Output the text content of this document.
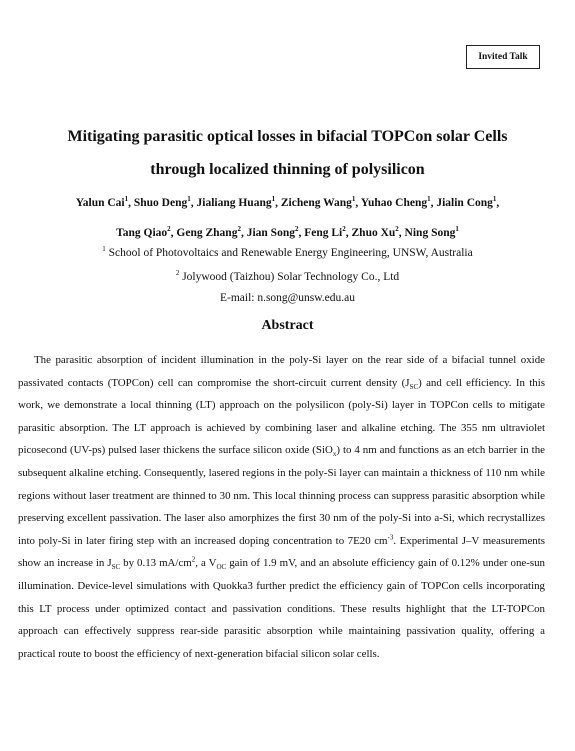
Invited Talk
Mitigating parasitic optical losses in bifacial TOPCon solar Cells
through localized thinning of polysilicon
Yalun Cai$^1$, Shuo Deng$^1$, Jialiang Huang$^1$, Zicheng Wang$^1$, Yuhao Cheng$^1$, Jialin Cong$^1$,
Tang Qiao$^2$, Geng Zhang$^2$, Jian Song$^2$, Feng Li$^2$, Zhuo Xu$^2$, Ning Song$^1$
$^1$ School of Photovoltaics and Renewable Energy Engineering, UNSW, Australia
$^2$ Jolywood (Taizhou) Solar Technology Co., Ltd
E-mail: n.song@unsw.edu.au
Abstract

The parasitic absorption of incident illumination in the poly-Si layer on the rear side of a bifacial tunnel oxide passivated contacts (TOPCon) cell can compromise the short-circuit current density $(J_{SC})$ and cell efficiency. In this work, we demonstrate a local thinning (LT) approach on the polysilicon (poly-Si) layer in TOPCon cells to mitigate parasitic absorption. The LT approach is achieved by combining laser and alkaline etching. The 355 nm ultraviolet picosecond (UV-ps) pulsed laser thickens the surface silicon oxide (SiO$_x$) to 4 nm and functions as an etch barrier in the subsequent alkaline etching. Consequently, lasered regions in the poly-Si layer can maintain a thickness of 110 nm while regions without laser treatment are thinned to 30 nm. This local thinning process can suppress parasitic absorption while preserving excellent passivation. The laser also amorphizes the first 30 nm of the poly-Si into a-Si, which recrystallizes into poly-Si in later firing step with an increased doping concentration to 7E20 $cm^{-3}$. Experimental J–V measurements show an increase in $J_{SC}$ by 0.13 $mA/cm^2$, a $V_{OC}$ gain of 1.9 mV, and an absolute efficiency gain of 0.12% under one-sun illumination. Device-level simulations with Quokka3 further predict the efficiency gain of TOPCon cells incorporating this LT process under optimized contact and passivation conditions. These results highlight that the LT-TOPCon approach can effectively suppress rear-side parasitic absorption while maintaining passivation quality, offering a practical route to boost the efficiency of next-generation bifacial silicon solar cells.
